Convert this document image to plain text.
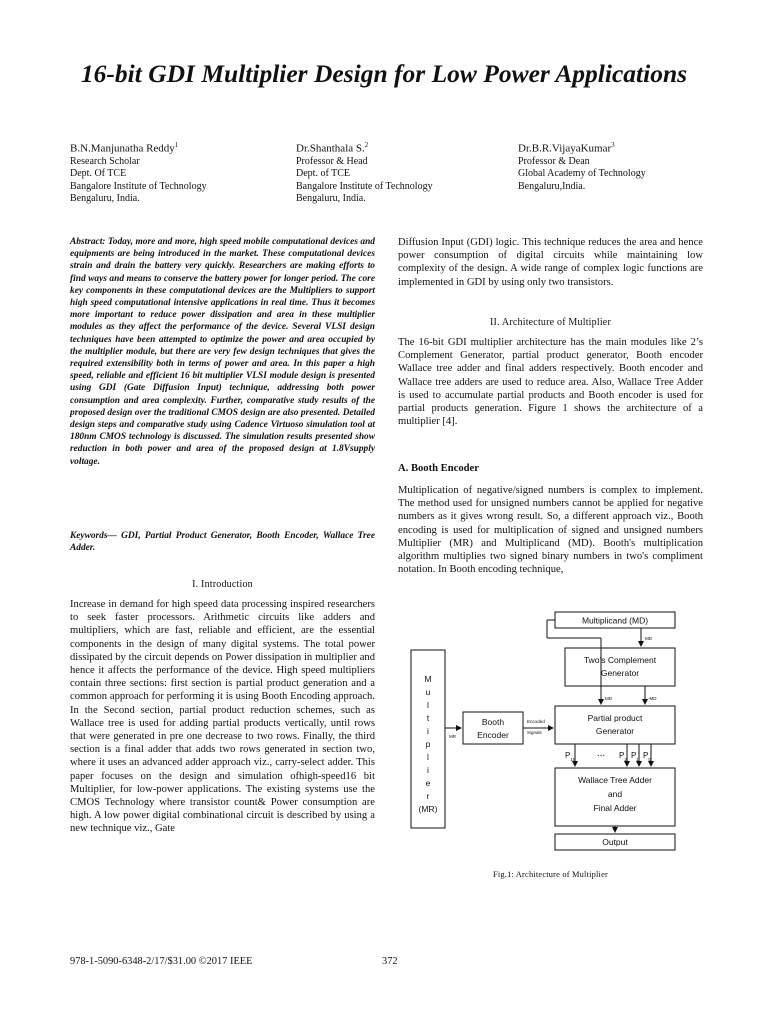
16-bit GDI Multiplier Design for Low Power Applications
B.N.Manjunatha Reddy$^1$
Research Scholar
Dept. Of TCE
Bangalore Institute of Technology
Bengaluru, India.
Dr.Shanthala S.$^2$
Professor & Head
Dept. of TCE
Bangalore Institute of Technology
Bengaluru, India.
Dr.B.R.VijayaKumar$^3$
Professor & Dean
Global Academy of Technology
Bengaluru,India.
Abstract: Today, more and more, high speed mobile computational devices and equipments are being introduced in the market. These computational devices strain and drain the battery very quickly. Researchers are making efforts to find ways and means to conserve the battery power for longer period. The core key components in these computational devices are the Multipliers to support high speed computational intensive applications in real time. Thus it becomes more important to reduce power dissipation and area in these multiplier modules as they affect the performance of the device. Several VLSI design techniques have been attempted to optimize the power and area occupied by the multiplier module, but there are very few design techniques that gives the required extensibility both in terms of power and area. In this paper a high speed, reliable and efficient 16 bit multiplier VLSI module design is presented using GDI (Gate Diffusion Input) technique, addressing both power consumption and area complexity. Further, comparative study results of the proposed design over the traditional CMOS design are also presented. Detailed design steps and comparative study using Cadence Virtuoso simulation tool at 180nm CMOS technology is discussed. The simulation results presented show reduction in both power and area of the proposed design at 1.8Vsupply voltage.
Keywords— GDI, Partial Product Generator, Booth Encoder, Wallace Tree Adder.
I. Introduction
Increase in demand for high speed data processing inspired researchers to seek faster processors. Arithmetic circuits like adders and multipliers, which are fast, reliable and efficient, are the essential components in the design of many digital systems. The total power dissipated by the circuit depends on Power dissipation in multiplier and hence it affects the performance of the device. High speed multipliers contain three sections: first section is partial product generation and a common approach for performing it is using Booth Encoding approach. In the Second section, partial product reduction schemes, such as Wallace tree is used for adding partial products vertically, until rows that were generated in pre one decrease to two rows. Finally, the third section is a final adder that adds two rows generated in section two, where it uses an advanced adder approach viz., carry-select adder. This paper focuses on the design and simulation ofhigh-speed16 bit Multiplier, for low-power applications. The existing systems use the CMOS Technology where transistor count& Power consumption are high. A low power digital combinational circuit is described by using a new technique viz., Gate
Diffusion Input (GDI) logic. This technique reduces the area and hence power consumption of digital circuits while maintaining low complexity of the design. A wide range of complex logic functions are implemented in GDI by using only two transistors.
II. Architecture of Multiplier
The 16-bit GDI multiplier architecture has the main modules like 2’s Complement Generator, partial product generator, Booth encoder Wallace tree adder and final adders respectively. Booth encoder and Wallace tree adders are used to reduce area. Also, Wallace Tree Adder is used to accumulate partial products and Booth encoder is used for partial products generation. Figure 1 shows the architecture of a multiplier [4].
A. Booth Encoder
Multiplication of negative/signed numbers is complex to implement. The method used for unsigned numbers cannot be applied for negative numbers as it gives wrong result. So, a different approach viz., Booth encoding is used for multiplication of signed and unsigned numbers Multiplier (MR) and Multiplicand (MD). Booth's multiplication algorithm multiplies two signed binary numbers in two's compliment notation. In Booth encoding technique,
Multiplicand (MD)
MD
Two’s Complement
Generator
MD	-MD
M
u
l
t
i
p
l
i
e
r
(MR)
MR
Booth
Encoder
Encoded
Signals
Partial product
Generator
$P_{15}$
... $P_2$ $P_1$ $P_0$
Wallace Tree Adder
and
Final Adder
Output
Fig.1: Architecture of Multiplier
978-1-5090-6348-2/17/$31.00 ©2017 IEEE	372
